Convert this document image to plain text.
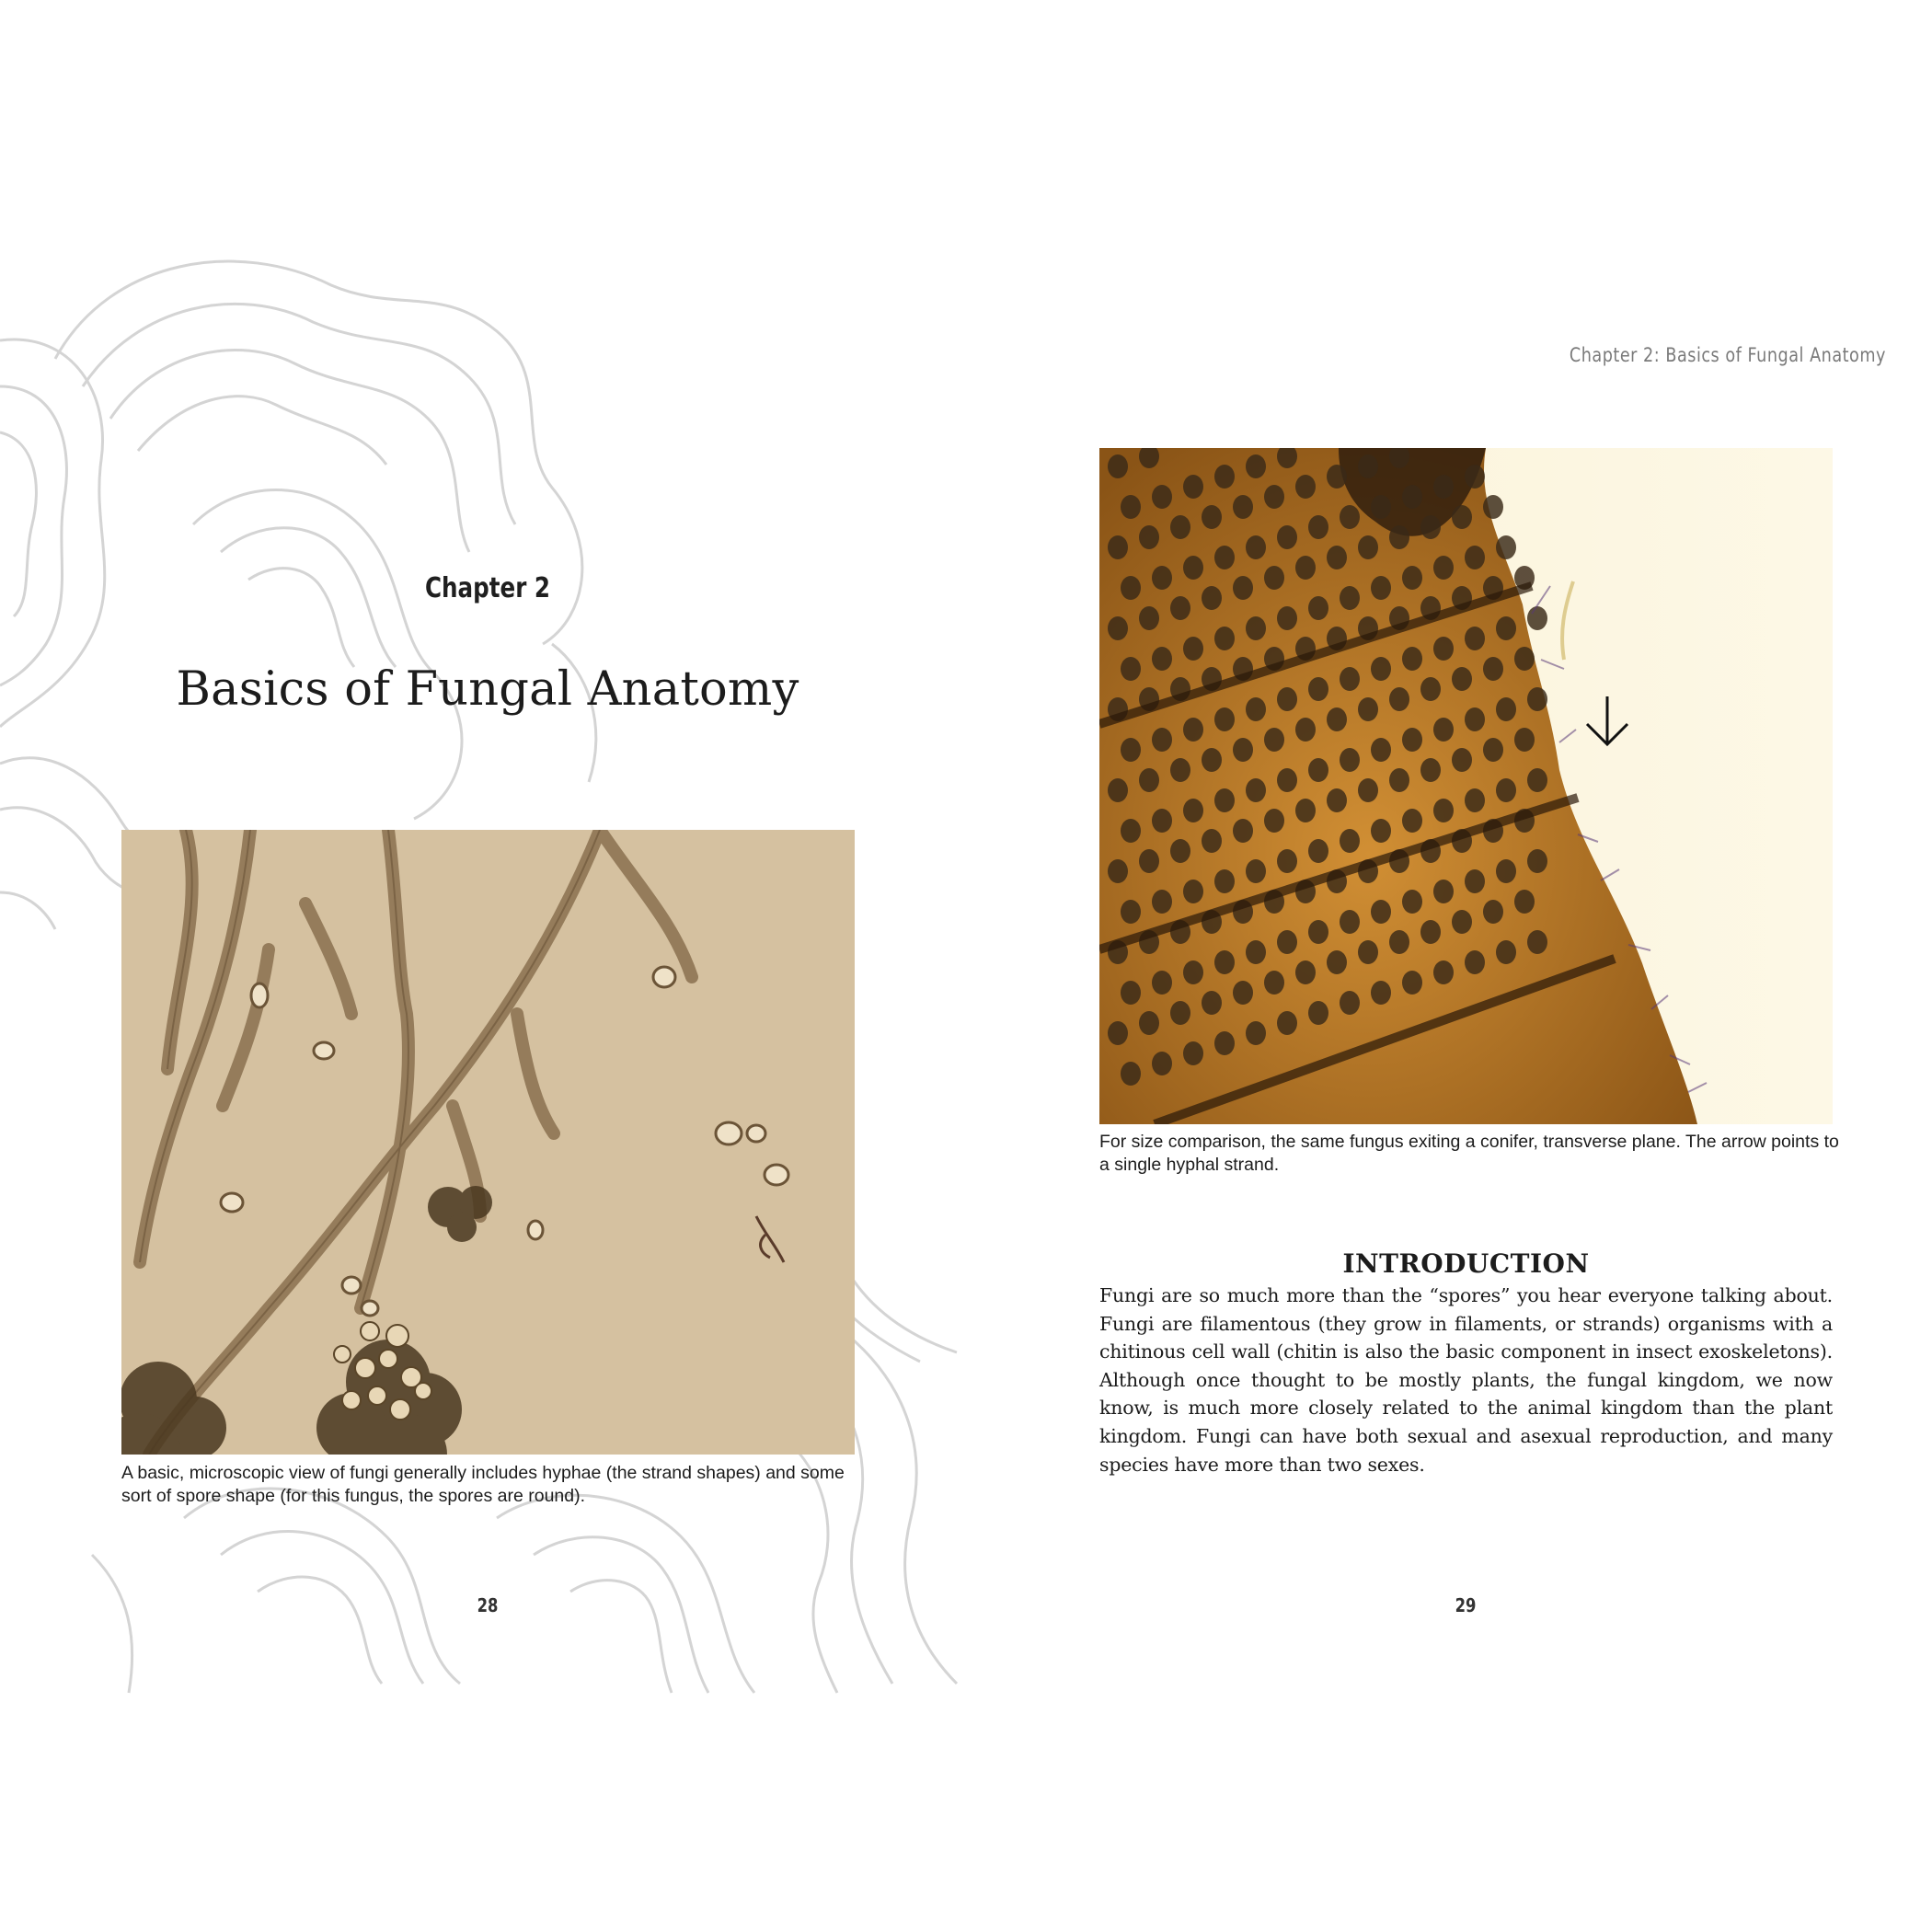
Chapter 2: Basics of Fungal Anatomy
Chapter 2
Basics of Fungal Anatomy
A basic, microscopic view of fungi generally includes hyphae (the strand shapes) and some sort of spore shape (for this fungus, the spores are round).
For size comparison, the same fungus exiting a conifer, transverse plane. The arrow points to a single hyphal strand.
INTRODUCTION

Fungi are so much more than the “spores” you hear everyone talking about. Fungi are filamentous (they grow in filaments, or strands) organisms with a chitinous cell wall (chitin is also the basic component in insect exoskeletons). Although once thought to be mostly plants, the fungal kingdom, we now know, is much more closely related to the animal kingdom than the plant kingdom. Fungi can have both sexual and asexual reproduction, and many species have more than two sexes.

28	29
